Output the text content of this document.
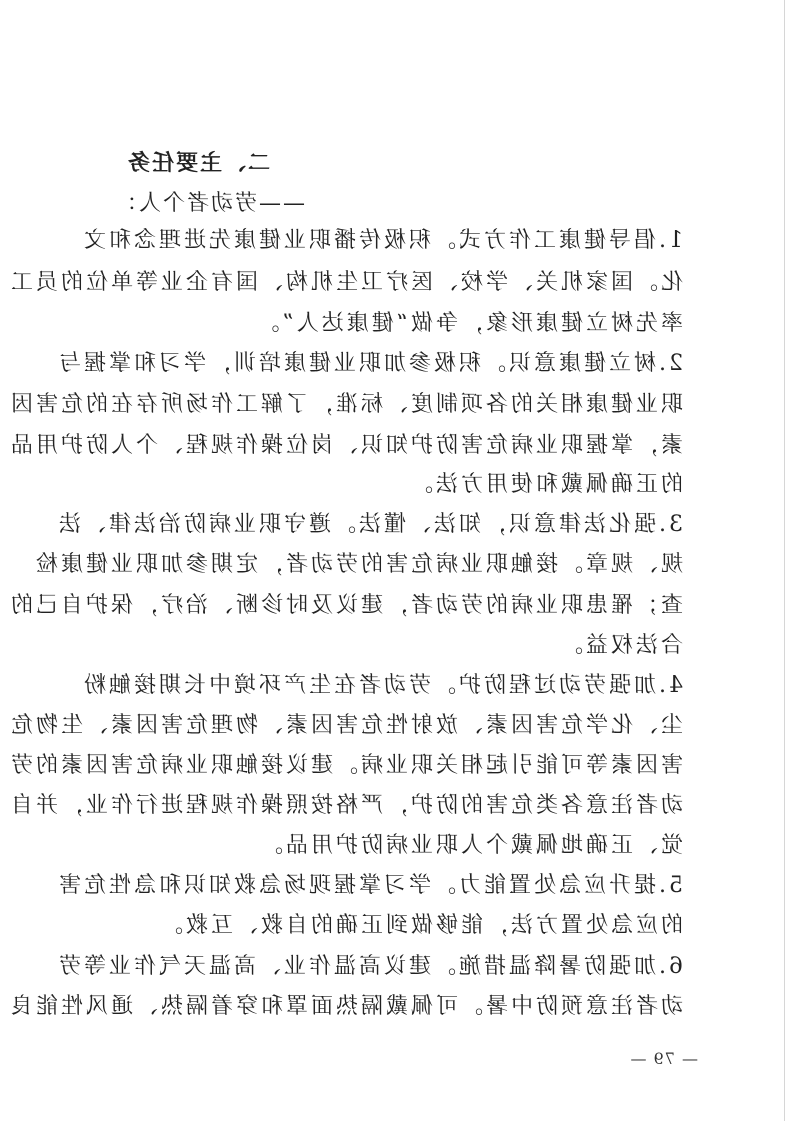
二、主要任务
——劳动者个人：
1.倡导健康工作方式。积极传播职业健康先进理念和文
化。国家机关、学校、医疗卫生机构、国有企业等单位的员工
率先树立健康形象，争做“健康达人”。
2.树立健康意识。积极参加职业健康培训，学习和掌握与
职业健康相关的各项制度、标准，了解工作场所存在的危害因
素，掌握职业病危害防护知识、岗位操作规程、个人防护用品
的正确佩戴和使用方法。
3.强化法律意识，知法、懂法。遵守职业病防治法律、法
规、规章。接触职业病危害的劳动者，定期参加职业健康检
查；罹患职业病的劳动者，建议及时诊断、治疗，保护自己的
合法权益。
4.加强劳动过程防护。劳动者在生产环境中长期接触粉
尘、化学危害因素、放射性危害因素、物理危害因素、生物危
害因素等可能引起相关职业病。建议接触职业病危害因素的劳
动者注意各类危害的防护，严格按照操作规程进行作业，并自
觉、正确地佩戴个人职业病防护用品。
5.提升应急处置能力。学习掌握现场急救知识和急性危害
的应急处置方法，能够做到正确的自救、互救。
6.加强防暑降温措施。建议高温作业、高温天气作业等劳
动者注意预防中暑。可佩戴隔热面罩和穿着隔热、通风性能良
— 79 —
